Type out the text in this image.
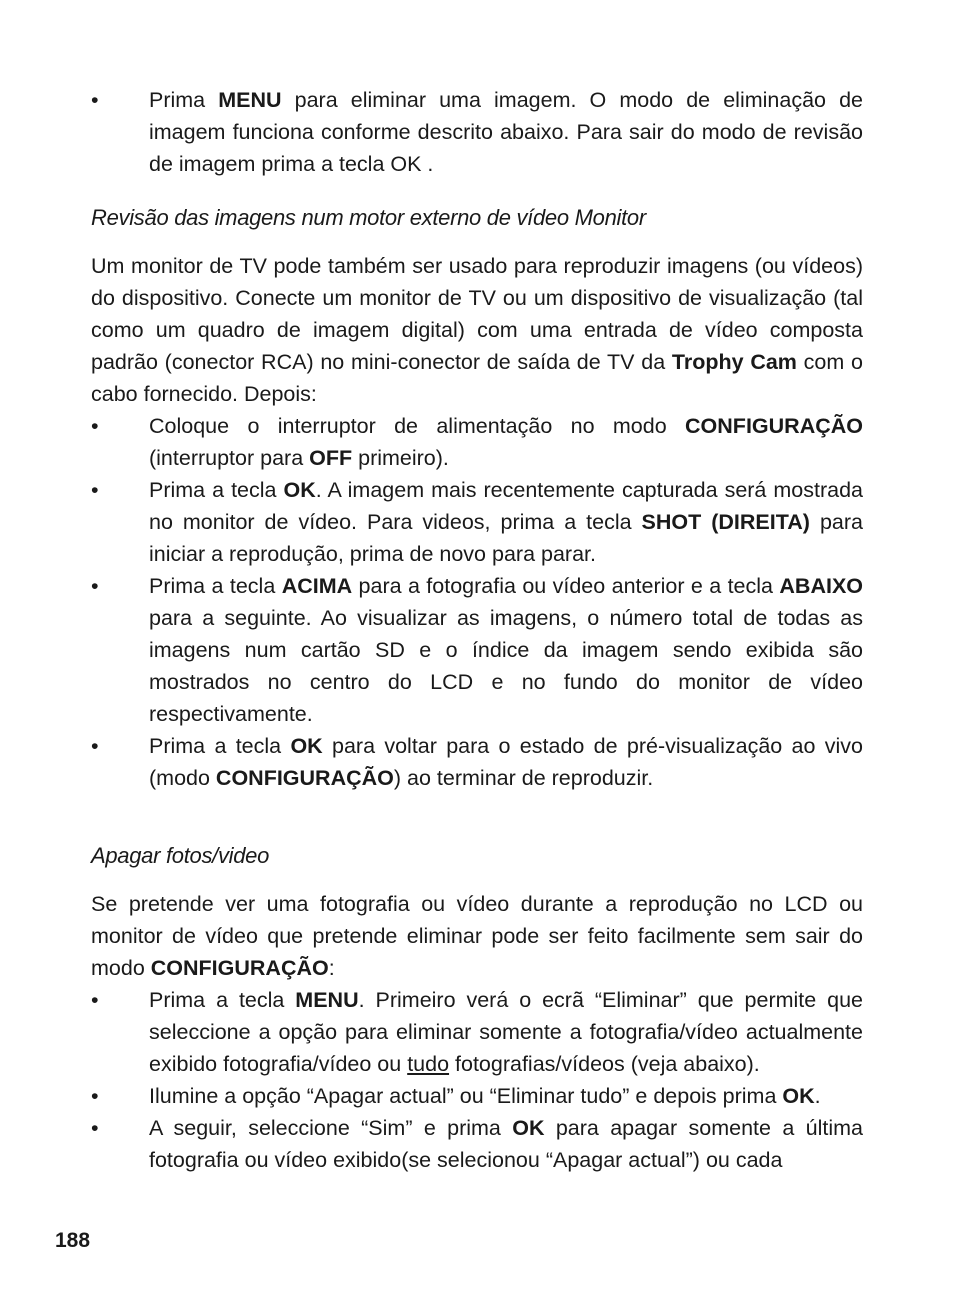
• Prima MENU para eliminar uma imagem. O modo de eliminação de imagem funciona conforme descrito abaixo. Para sair do modo de revisão de imagem prima a tecla OK .
Revisão das imagens num motor externo de vídeo Monitor

Um monitor de TV pode também ser usado para reproduzir imagens (ou vídeos) do dispositivo. Conecte um monitor de TV ou um dispositivo de visualização (tal como um quadro de imagem digital) com uma entrada de vídeo composta padrão (conector RCA) no mini-conector de saída de TV da Trophy Cam com o cabo fornecido. Depois:

• Coloque o interruptor de alimentação no modo CONFIGURAÇÃO (interruptor para OFF primeiro).
• Prima a tecla OK. A imagem mais recentemente capturada será mostrada no monitor de vídeo. Para videos, prima a tecla SHOT (DIREITA) para iniciar a reprodução, prima de novo para parar.
• Prima a tecla ACIMA para a fotografia ou vídeo anterior e a tecla ABAIXO para a seguinte. Ao visualizar as imagens, o número total de todas as imagens num cartão SD e o índice da imagem sendo exibida são mostrados no centro do LCD e no fundo do monitor de vídeo respectivamente.
• Prima a tecla OK para voltar para o estado de pré-visualização ao vivo (modo CONFIGURAÇÃO) ao terminar de reproduzir.
Apagar fotos/video

Se pretende ver uma fotografia ou vídeo durante a reprodução no LCD ou monitor de vídeo que pretende eliminar pode ser feito facilmente sem sair do modo CONFIGURAÇÃO:

• Prima a tecla MENU. Primeiro verá o ecrã “Eliminar” que permite que seleccione a opção para eliminar somente a fotografia/vídeo actualmente exibido fotografia/vídeo ou tudo fotografias/vídeos (veja abaixo).
• Ilumine a opção “Apagar actual” ou “Eliminar tudo” e depois prima OK.
• A seguir, seleccione “Sim” e prima OK para apagar somente a última fotografia ou vídeo exibido(se selecionou “Apagar actual”) ou cada
188
